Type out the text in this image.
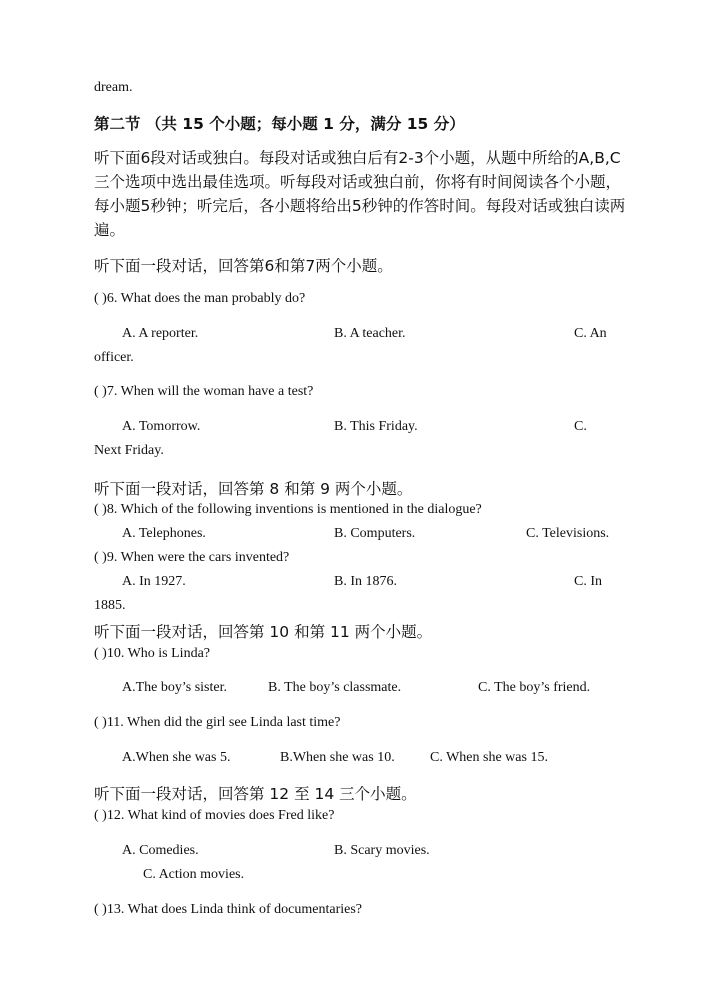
dream.
第二节 （共 15 个小题；每小题 1 分，满分 15 分）
听下面6段对话或独白。每段对话或独白后有2-3个小题，从题中所给的A,B,C三个选项中选出最佳选项。听每段对话或独白前，你将有时间阅读各个小题，每小题5秒钟；听完后，各小题将给出5秒钟的作答时间。每段对话或独白读两遍。
听下面一段对话，回答第6和第7两个小题。
( )6. What does the man probably do?
A. A reporter.	B. A teacher.	C. An
officer.
( )7. When will the woman have a test?
A. Tomorrow.	B. This Friday.	C.
Next Friday.
听下面一段对话，回答第 8 和第 9 两个小题。
( )8. Which of the following inventions is mentioned in the dialogue?
A. Telephones.	B. Computers.	C. Televisions.
( )9. When were the cars invented?
A. In 1927.	B. In 1876.	C. In
1885.
听下面一段对话，回答第 10 和第 11 两个小题。
( )10. Who is Linda?
A.The boy’s sister.	B. The boy’s classmate.	C. The boy’s friend.
( )11. When did the girl see Linda last time?
A.When she was 5.	B.When she was 10.	C. When she was 15.
听下面一段对话，回答第 12 至 14 三个小题。
( )12. What kind of movies does Fred like?
A. Comedies.	B. Scary movies.
C. Action movies.
( )13. What does Linda think of documentaries?
